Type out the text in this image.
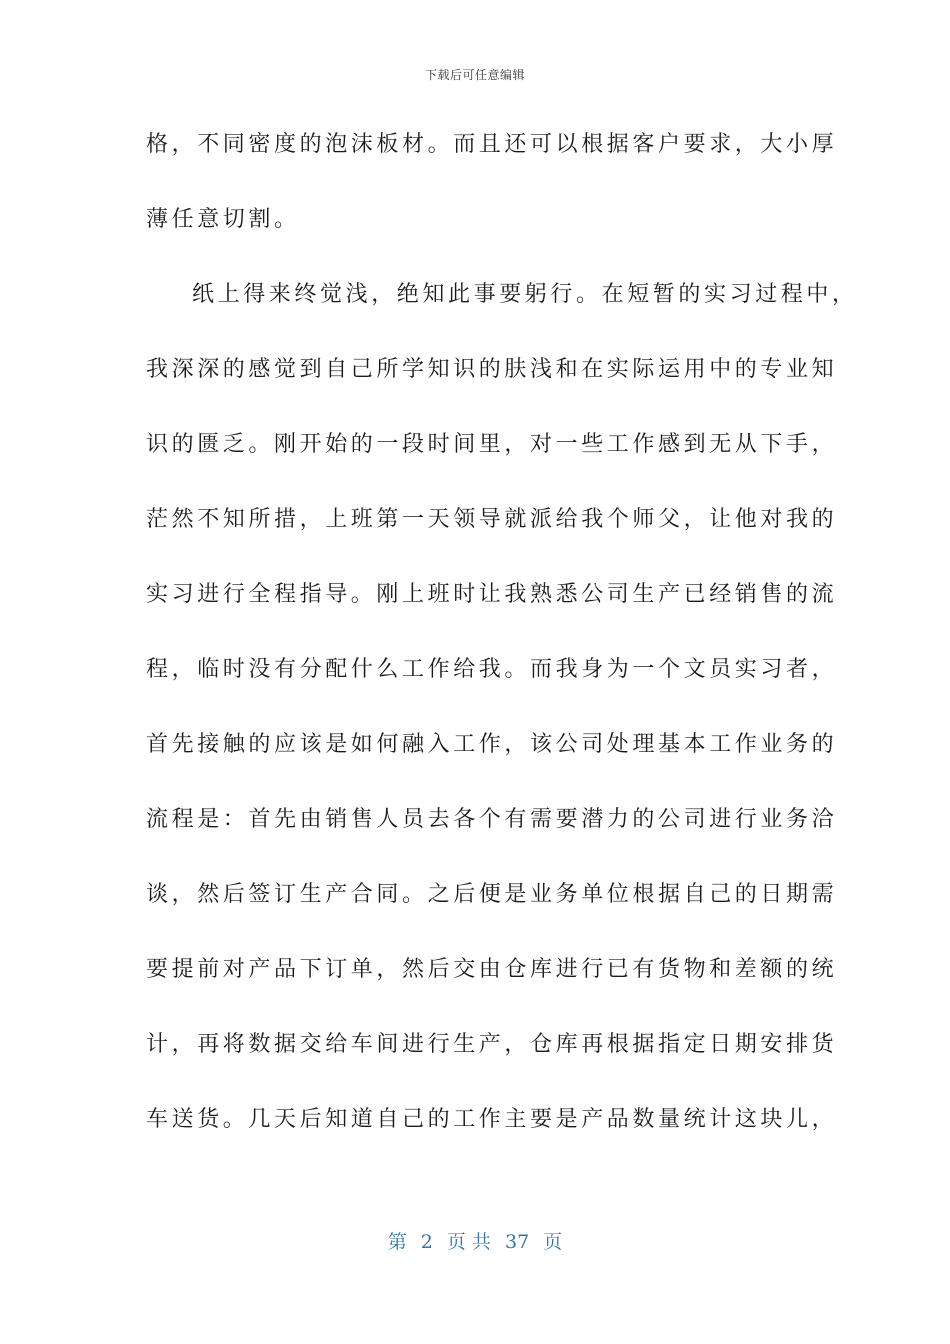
下载后可任意编辑
格，不同密度的泡沫板材。而且还可以根据客户要求，大小厚
薄任意切割。
纸上得来终觉浅，绝知此事要躬行。在短暂的实习过程中，
我深深的感觉到自己所学知识的肤浅和在实际运用中的专业知
识的匮乏。刚开始的一段时间里，对一些工作感到无从下手，
茫然不知所措，上班第一天领导就派给我个师父，让他对我的
实习进行全程指导。刚上班时让我熟悉公司生产已经销售的流
程，临时没有分配什么工作给我。而我身为一个文员实习者，
首先接触的应该是如何融入工作，该公司处理基本工作业务的
流程是：首先由销售人员去各个有需要潜力的公司进行业务洽
谈，然后签订生产合同。之后便是业务单位根据自己的日期需
要提前对产品下订单，然后交由仓库进行已有货物和差额的统
计，再将数据交给车间进行生产，仓库再根据指定日期安排货
车送货。几天后知道自己的工作主要是产品数量统计这块儿，
第 2 页 共 37 页
